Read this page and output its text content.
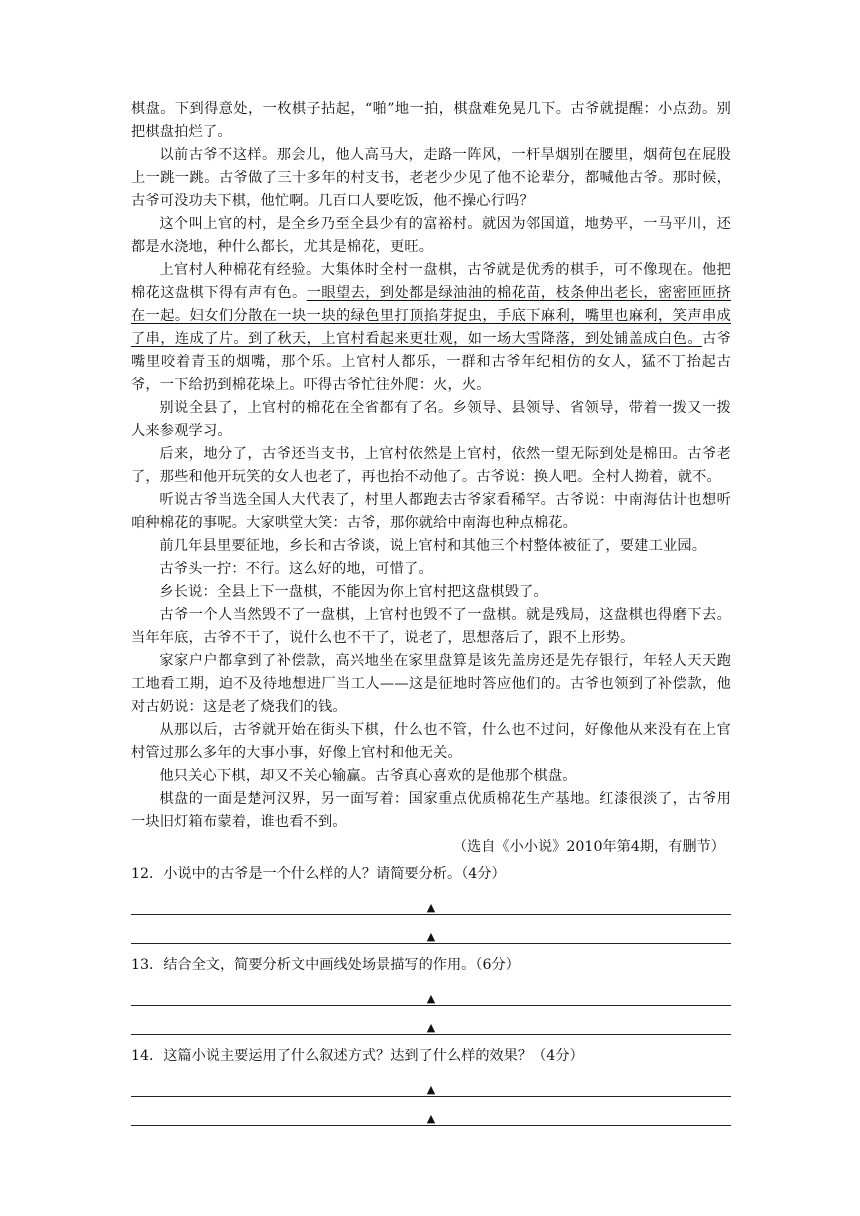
棋盘。下到得意处，一枚棋子拈起，“啪”地一拍，棋盘难免晃几下。古爷就提醒：小点劲。别把棋盘拍烂了。

以前古爷不这样。那会儿，他人高马大，走路一阵风，一杆旱烟别在腰里，烟荷包在屁股上一跳一跳。古爷做了三十多年的村支书，老老少少见了他不论辈分，都喊他古爷。那时候，古爷可没功夫下棋，他忙啊。几百口人要吃饭，他不操心行吗？

这个叫上官的村，是全乡乃至全县少有的富裕村。就因为邻国道，地势平，一马平川，还都是水浇地，种什么都长，尤其是棉花，更旺。

上官村人种棉花有经验。大集体时全村一盘棋，古爷就是优秀的棋手，可不像现在。他把棉花这盘棋下得有声有色。一眼望去，到处都是绿油油的棉花苗，枝条伸出老长，密密匝匝挤在一起。妇女们分散在一块一块的绿色里打顶掐芽捉虫，手底下麻利，嘴里也麻利，笑声串成了串，连成了片。到了秋天，上官村看起来更壮观，如一场大雪降落，到处铺盖成白色。古爷嘴里咬着青玉的烟嘴，那个乐。上官村人都乐，一群和古爷年纪相仿的女人，猛不丁抬起古爷，一下给扔到棉花垛上。吓得古爷忙往外爬：火，火。

别说全县了，上官村的棉花在全省都有了名。乡领导、县领导、省领导，带着一拨又一拨人来参观学习。

后来，地分了，古爷还当支书，上官村依然是上官村，依然一望无际到处是棉田。古爷老了，那些和他开玩笑的女人也老了，再也抬不动他了。古爷说：换人吧。全村人拗着，就不。

听说古爷当选全国人大代表了，村里人都跑去古爷家看稀罕。古爷说：中南海估计也想听咱种棉花的事呢。大家哄堂大笑：古爷，那你就给中南海也种点棉花。

前几年县里要征地，乡长和古爷谈，说上官村和其他三个村整体被征了，要建工业园。

古爷头一拧：不行。这么好的地，可惜了。

乡长说：全县上下一盘棋，不能因为你上官村把这盘棋毁了。

古爷一个人当然毁不了一盘棋，上官村也毁不了一盘棋。就是残局，这盘棋也得磨下去。当年年底，古爷不干了，说什么也不干了，说老了，思想落后了，跟不上形势。

家家户户都拿到了补偿款，高兴地坐在家里盘算是该先盖房还是先存银行，年轻人天天跑工地看工期，迫不及待地想进厂当工人——这是征地时答应他们的。古爷也领到了补偿款，他对古奶说：这是老了烧我们的钱。

从那以后，古爷就开始在街头下棋，什么也不管，什么也不过问，好像他从来没有在上官村管过那么多年的大事小事，好像上官村和他无关。

他只关心下棋，却又不关心输赢。古爷真心喜欢的是他那个棋盘。

棋盘的一面是楚河汉界，另一面写着：国家重点优质棉花生产基地。红漆很淡了，古爷用一块旧灯箱布蒙着，谁也看不到。

（选自《小小说》2010年第4期，有删节）

12．小说中的古爷是一个什么样的人？请简要分析。（4分）

▲
▲

13．结合全文，简要分析文中画线处场景描写的作用。（6分）

▲
▲

14．这篇小说主要运用了什么叙述方式？达到了什么样的效果？（4分）

▲
▲
